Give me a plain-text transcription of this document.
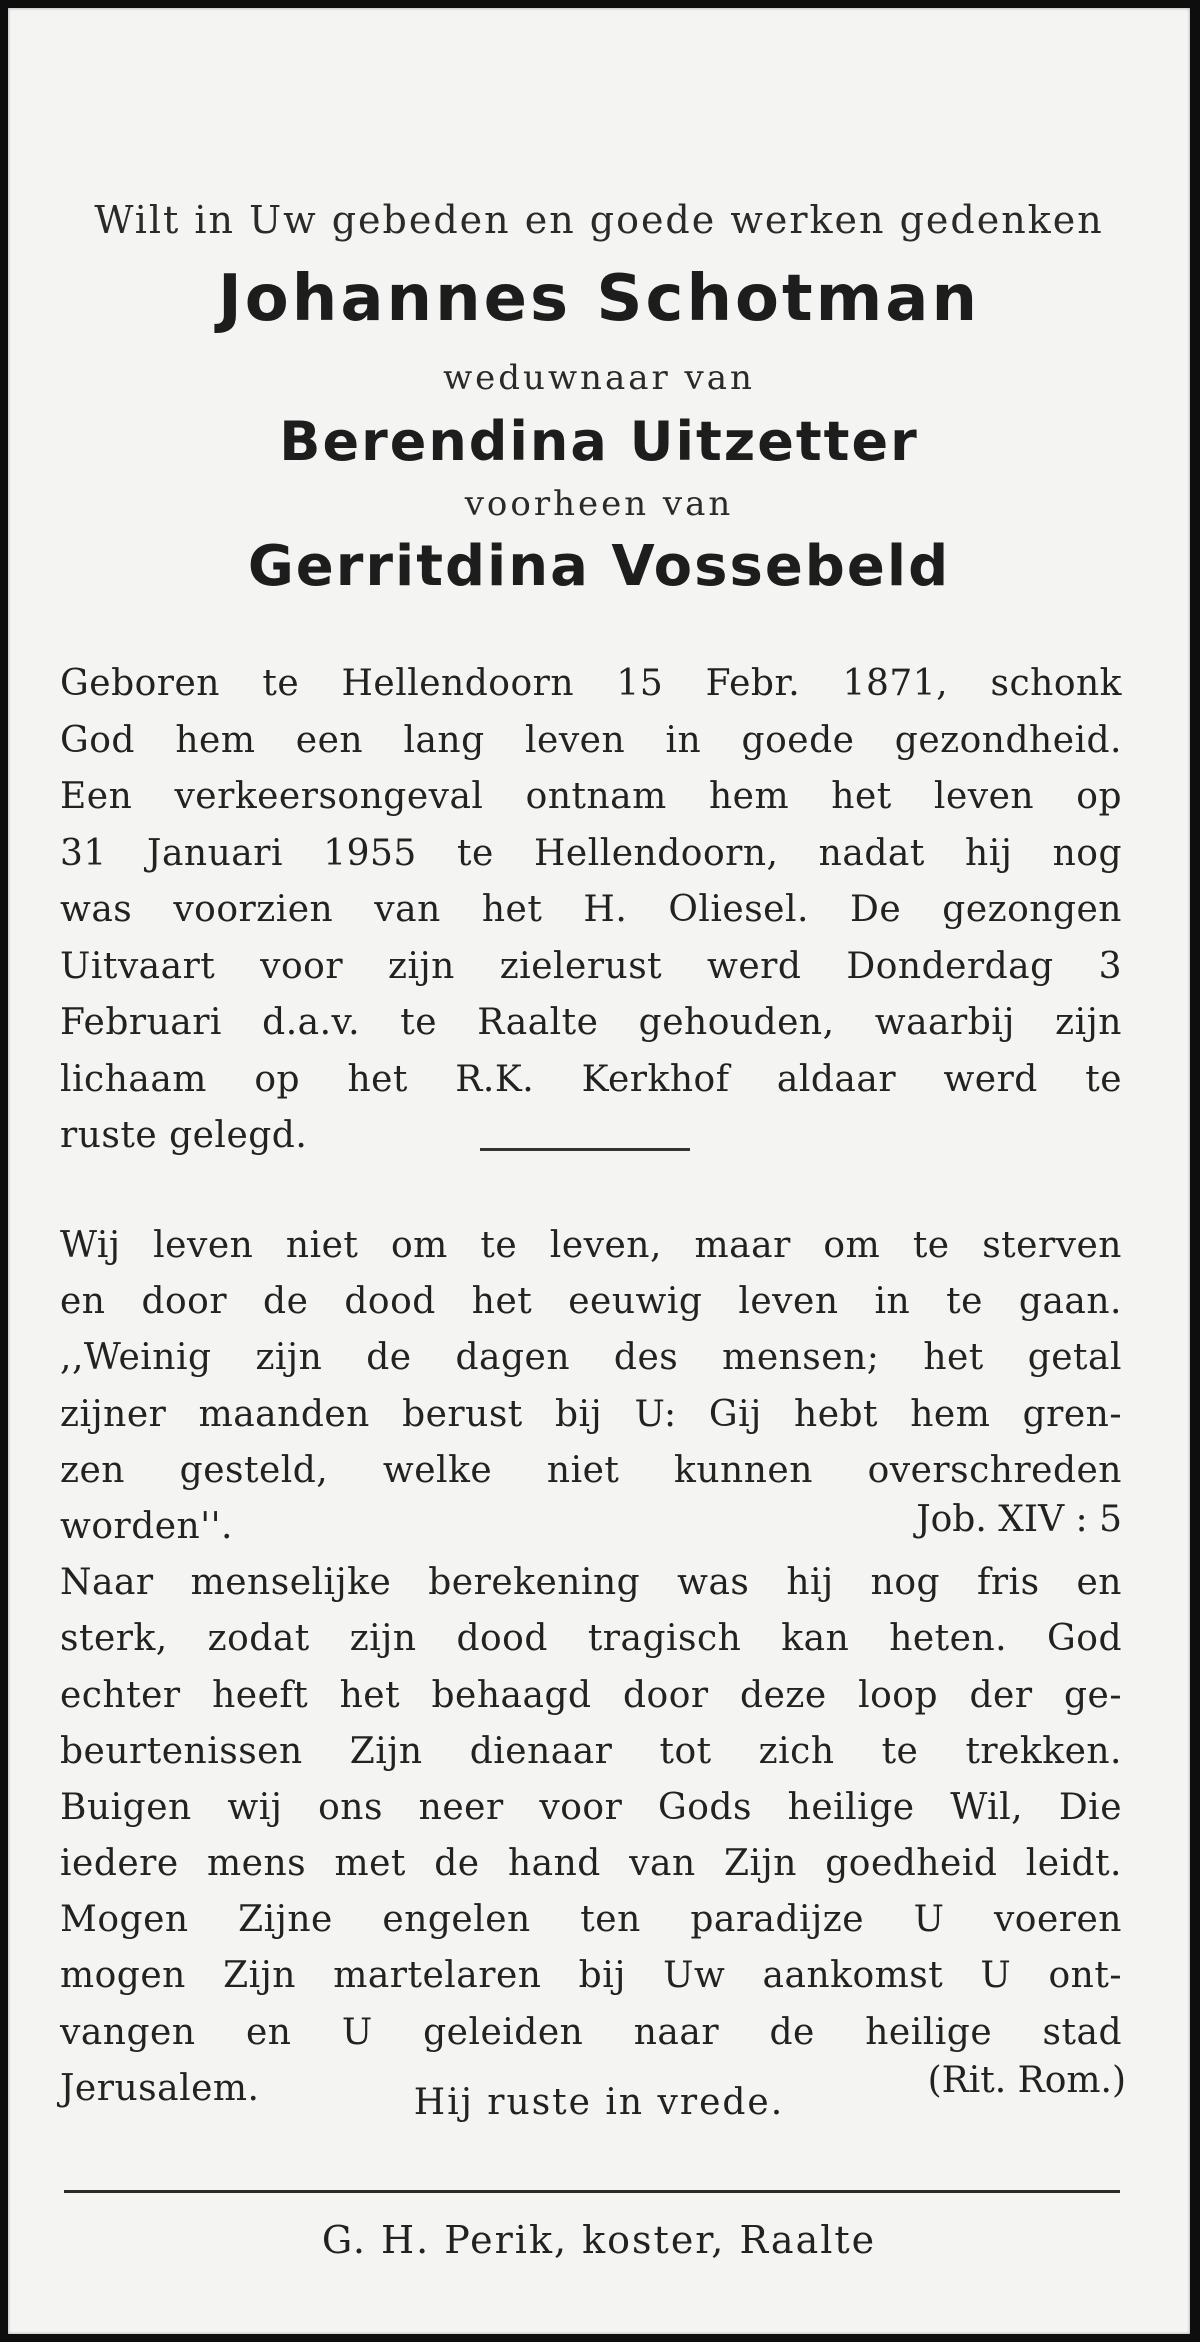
Wilt in Uw gebeden en goede werken gedenken

Johannes Schotman

weduwnaar van

Berendina Uitzetter

voorheen van

Gerritdina Vossebeld

Geboren te Hellendoorn 15 Febr. 1871, schonk
God hem een lang leven in goede gezondheid.
Een verkeersongeval ontnam hem het leven op
31 Januari 1955 te Hellendoorn, nadat hij nog
was voorzien van het H. Oliesel. De gezongen
Uitvaart voor zijn zielerust werd Donderdag 3
Februari d.a.v. te Raalte gehouden, waarbij zijn
lichaam op het R.K. Kerkhof aldaar werd te
ruste gelegd.
Wij leven niet om te leven, maar om te sterven
en door de dood het eeuwig leven in te gaan.
,,Weinig zijn de dagen des mensen; het getal
zijner maanden berust bij U: Gij hebt hem gren-
zen gesteld, welke niet kunnen overschreden
worden''.
Naar menselijke berekening was hij nog fris en
sterk, zodat zijn dood tragisch kan heten. God
echter heeft het behaagd door deze loop der ge-
beurtenissen Zijn dienaar tot zich te trekken.
Buigen wij ons neer voor Gods heilige Wil, Die
iedere mens met de hand van Zijn goedheid leidt.
Mogen Zijne engelen ten paradijze U voeren
mogen Zijn martelaren bij Uw aankomst U ont-
vangen en U geleiden naar de heilige stad
Jerusalem.
Job. XIV : 5
(Rit. Rom.)

Hij ruste in vrede.

G. H. Perik, koster, Raalte
